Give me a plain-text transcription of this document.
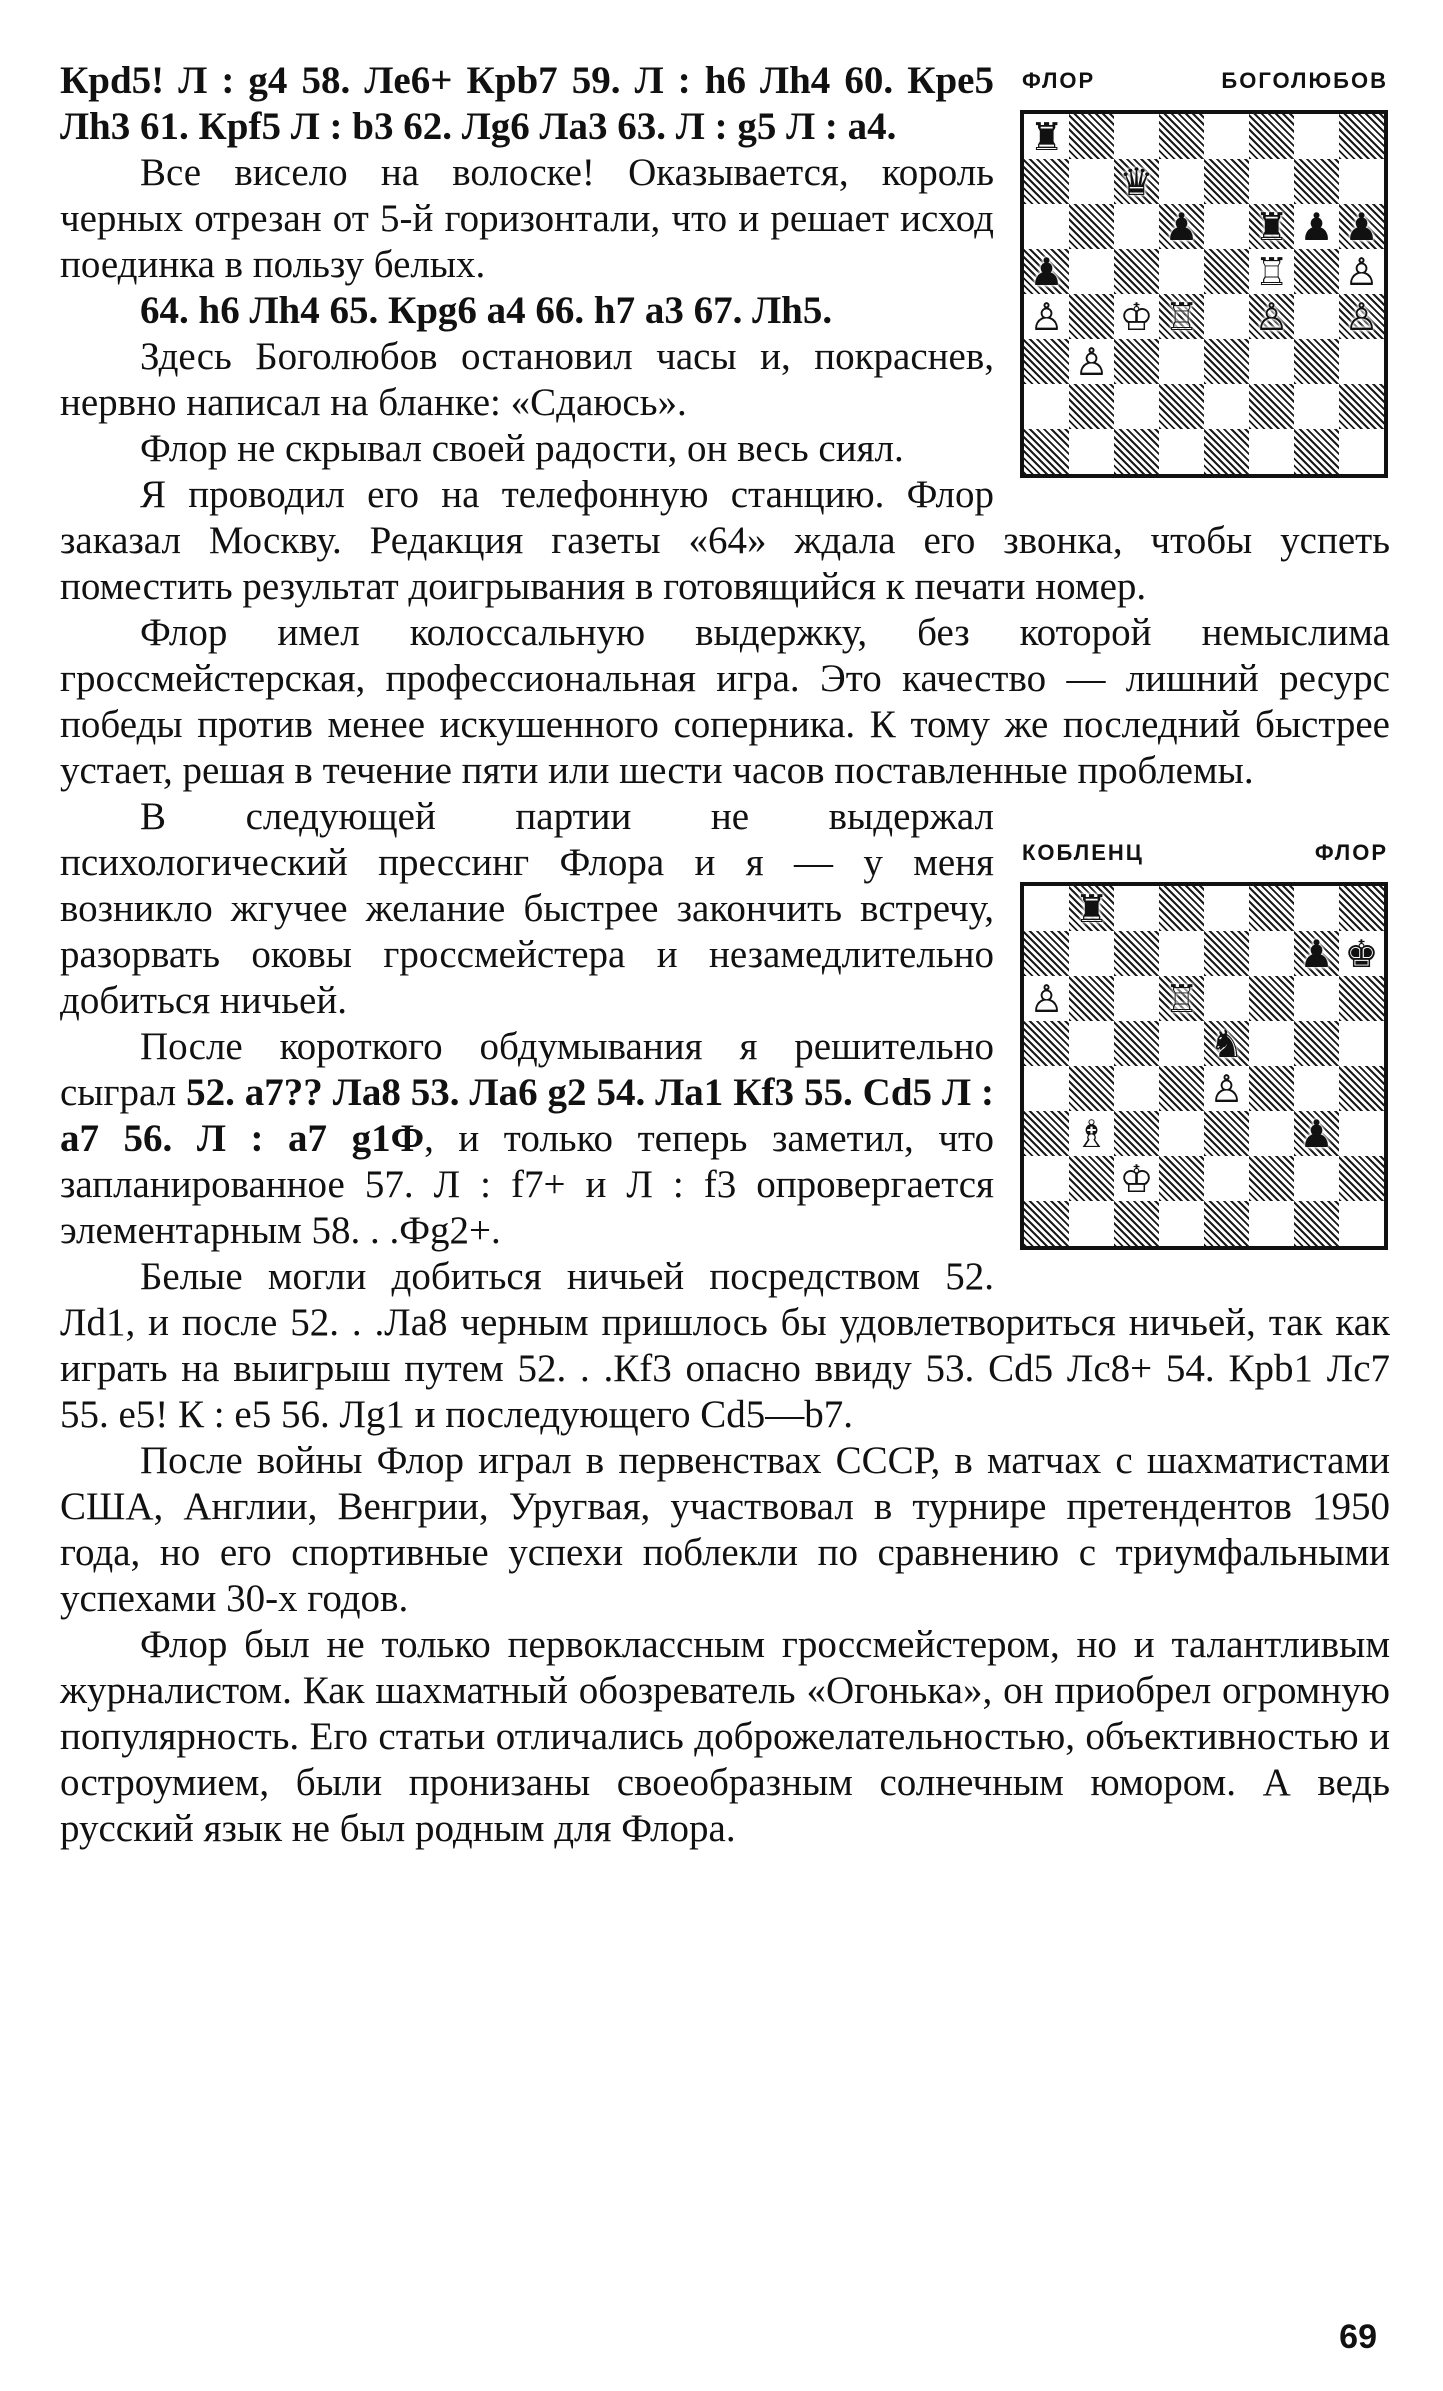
ФЛОР	БОГОЛЮБОВ
♜
♛
♟ ♜ ♟ ♟
♟	♖ ♙
♙ ♔ ♖ ♙ ♙
♙

Крd5! Л : g4 58. Лe6+ Крb7 59. Л : h6 Лh4 60. Крe5 Лh3 61. Крf5 Л : b3 62. Лg6 Лa3 63. Л : g5 Л : a4.

Все висело на волоске! Оказывается, король черных отрезан от 5-й горизонтали, что и решает исход поединка в пользу белых.

64. h6 Лh4 65. Крg6 a4 66. h7 a3 67. Лh5.

Здесь Боголюбов остановил часы и, покраснев, нервно написал на бланке: «Сдаюсь».

Флор не скрывал своей радости, он весь сиял.

Я проводил его на телефонную станцию. Флор заказал Москву. Редакция газеты «64» ждала его звонка, чтобы успеть поместить результат доигрывания в готовящийся к печати номер.

Флор имел колоссальную выдержку, без которой немыслима гроссмейстерская, профессиональная игра. Это качество — лишний ресурс победы против менее искушенного соперника. К тому же последний быстрее устает, решая в течение пяти или шести часов поставленные проблемы.

КОБЛЕНЦ	ФЛОР
♜
♟ ♚
♙	♖
♞
♙
♗	♟
♔

В следующей партии не выдержал психологический прессинг Флора и я — у меня возникло жгучее желание быстрее закончить встречу, разорвать оковы гроссмейстера и незамедлительно добиться ничьей.

После короткого обдумывания я решительно сыграл 52. a7?? Лa8 53. Лa6 g2 54. Лa1 Кf3 55. Сd5 Л : a7 56. Л : a7 g1Ф, и только теперь заметил, что запланированное 57. Л : f7+ и Л : f3 опровергается элементарным 58. . .Фg2+.

Белые могли добиться ничьей посредством 52. Лd1, и после 52. . .Лa8 черным пришлось бы удовлетвориться ничьей, так как играть на выигрыш путем 52. . .Кf3 опасно ввиду 53. Сd5 Лc8+ 54. Крb1 Лc7 55. e5! К : e5 56. Лg1 и последующего Сd5—b7.

После войны Флор играл в первенствах СССР, в матчах с шахматистами США, Англии, Венгрии, Уругвая, участвовал в турнире претендентов 1950 года, но его спортивные успехи поблекли по сравнению с триумфальными успехами 30-х годов.

Флор был не только первоклассным гроссмейстером, но и талантливым журналистом. Как шахматный обозреватель «Огонька», он приобрел огромную популярность. Его статьи отличались доброжелательностью, объективностью и остроумием, были пронизаны своеобразным солнечным юмором. А ведь русский язык не был родным для Флора.

69
